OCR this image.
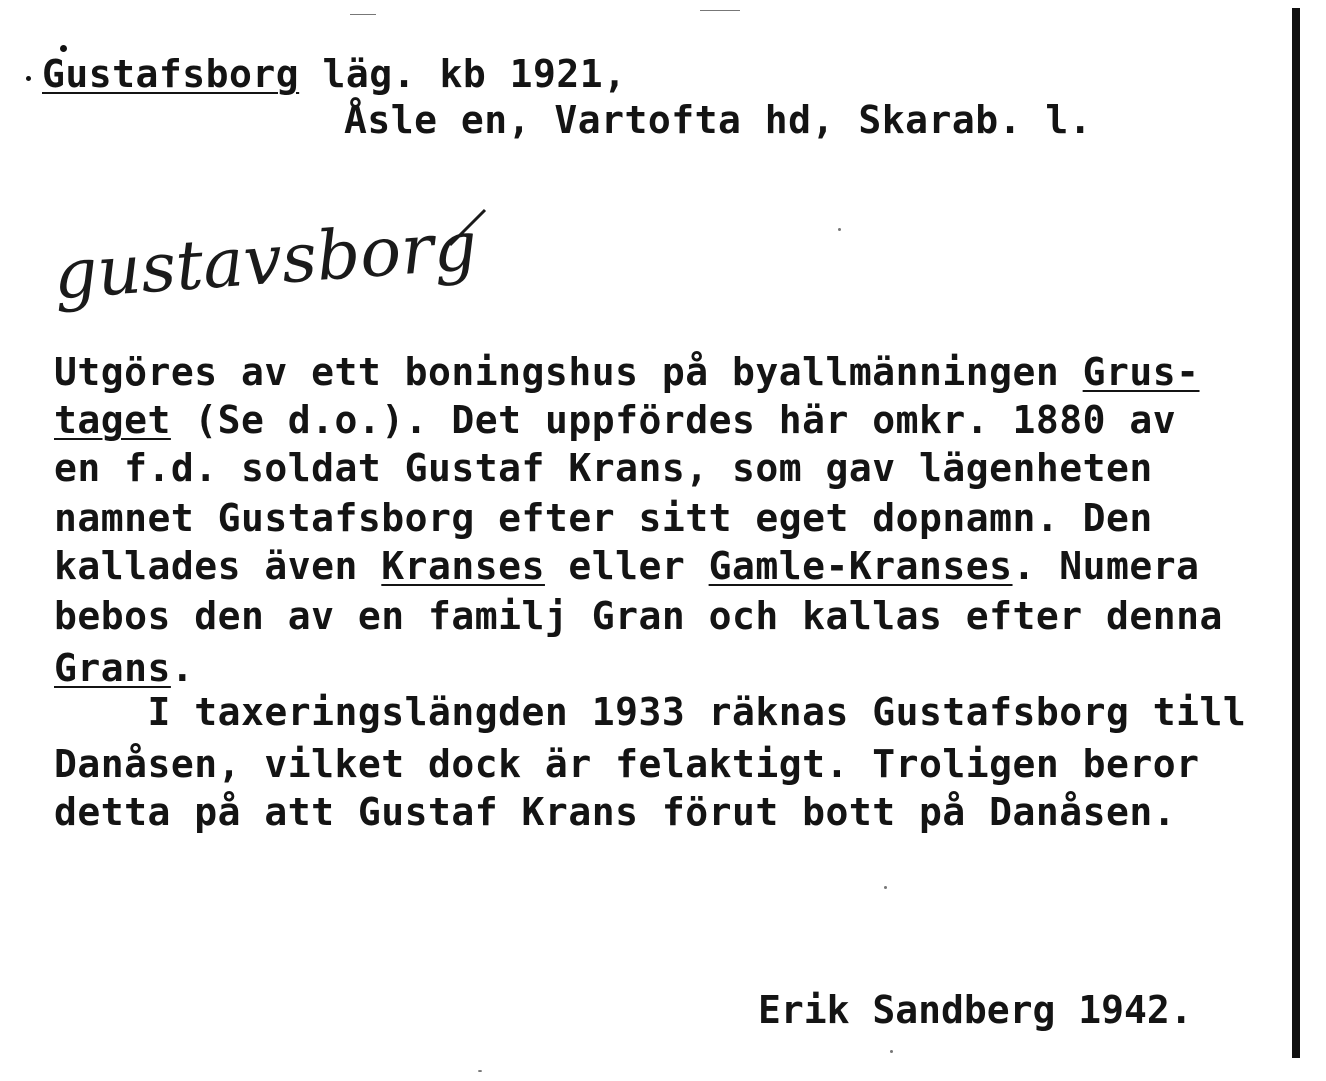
Gustafsborg läg. kb 1921,
Åsle en, Vartofta hd, Skarab. l.
gustavsborg
Utgöres av ett boningshus på byallmänningen Grus-
taget (Se d.o.). Det uppfördes här omkr. 1880 av
en f.d. soldat Gustaf Krans, som gav lägenheten
namnet Gustafsborg efter sitt eget dopnamn. Den
kallades även Kranses eller Gamle-Kranses. Numera
bebos den av en familj Gran och kallas efter denna
Grans.
I taxeringslängden 1933 räknas Gustafsborg till
Danåsen, vilket dock är felaktigt. Troligen beror
detta på att Gustaf Krans förut bott på Danåsen.
Erik Sandberg 1942.
